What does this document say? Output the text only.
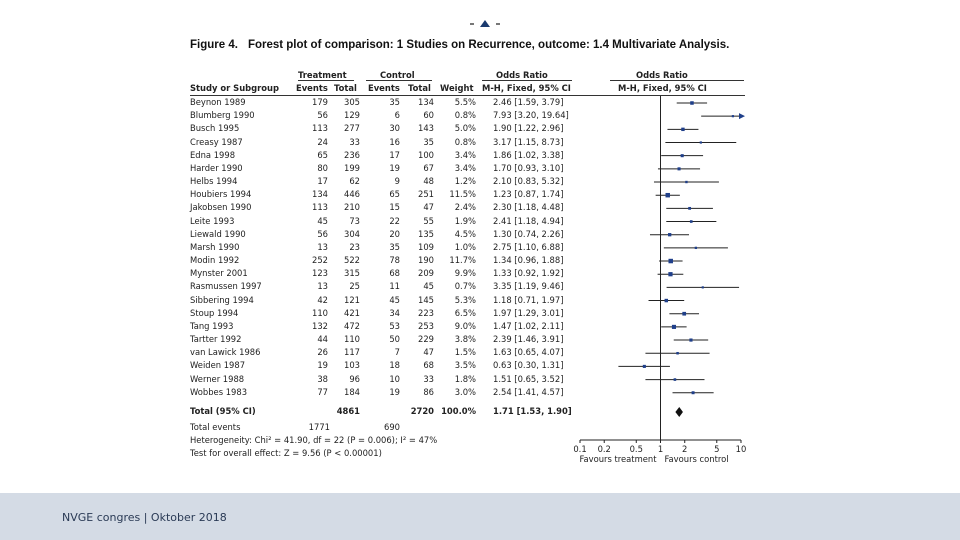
Figure 4. Forest plot of comparison: 1 Studies on Recurrence, outcome: 1.4 Multivariate Analysis.
Treatment	Control	Odds Ratio	Odds Ratio
Study or Subgroup Events Total Events Total Weight M-H, Fixed, 95% CI	M-H, Fixed, 95% CI
Beynon 1989	179	305	35	134	5.5% 2.46 [1.59, 3.79]
Blumberg 1990	56	129	6	60	0.8% 7.93 [3.20, 19.64]
Busch 1995	113	277	30	143	5.0% 1.90 [1.22, 2.96]
Creasy 1987	24	33	16	35	0.8% 3.17 [1.15, 8.73]
Edna 1998	65	236	17	100	3.4% 1.86 [1.02, 3.38]
Harder 1990	80	199	19	67	3.4% 1.70 [0.93, 3.10]
Helbs 1994	17	62	9	48	1.2% 2.10 [0.83, 5.32]
Houbiers 1994	134	446	65	251	11.5% 1.23 [0.87, 1.74]
Jakobsen 1990	113	210	15	47	2.4% 2.30 [1.18, 4.48]
Leite 1993	45	73	22	55	1.9% 2.41 [1.18, 4.94]
Liewald 1990	56	304	20	135	4.5% 1.30 [0.74, 2.26]
Marsh 1990	13	23	35	109	1.0% 2.75 [1.10, 6.88]
Modin 1992	252	522	78	190	11.7% 1.34 [0.96, 1.88]
Mynster 2001	123	315	68	209	9.9% 1.33 [0.92, 1.92]
Rasmussen 1997	13	25	11	45	0.7% 3.35 [1.19, 9.46]
Sibbering 1994	42	121	45	145	5.3% 1.18 [0.71, 1.97]
Stoup 1994	110	421	34	223	6.5% 1.97 [1.29, 3.01]
Tang 1993	132	472	53	253	9.0% 1.47 [1.02, 2.11]
Tartter 1992	44	110	50	229	3.8% 2.39 [1.46, 3.91]
van Lawick 1986	26	117	7	47	1.5% 1.63 [0.65, 4.07]
Weiden 1987	19	103	18	68	3.5% 0.63 [0.30, 1.31]
Werner 1988	38	96	10	33	1.8% 1.51 [0.65, 3.52]
Wobbes 1983	77	184	19	86	3.0% 2.54 [1.41, 4.57]
Total (95% CI)	4861	2720 100.0% 1.71 [1.53, 1.90]
Total events	1771	690
Heterogeneity: Chi² = 41.90, df = 22 (P = 0.006); I² = 47%
Test for overall effect: Z = 9.56 (P < 0.00001)	0.1 0.2 0.5 1 2	5 10
Favours treatment Favours control
NVGE congres | Oktober 2018
